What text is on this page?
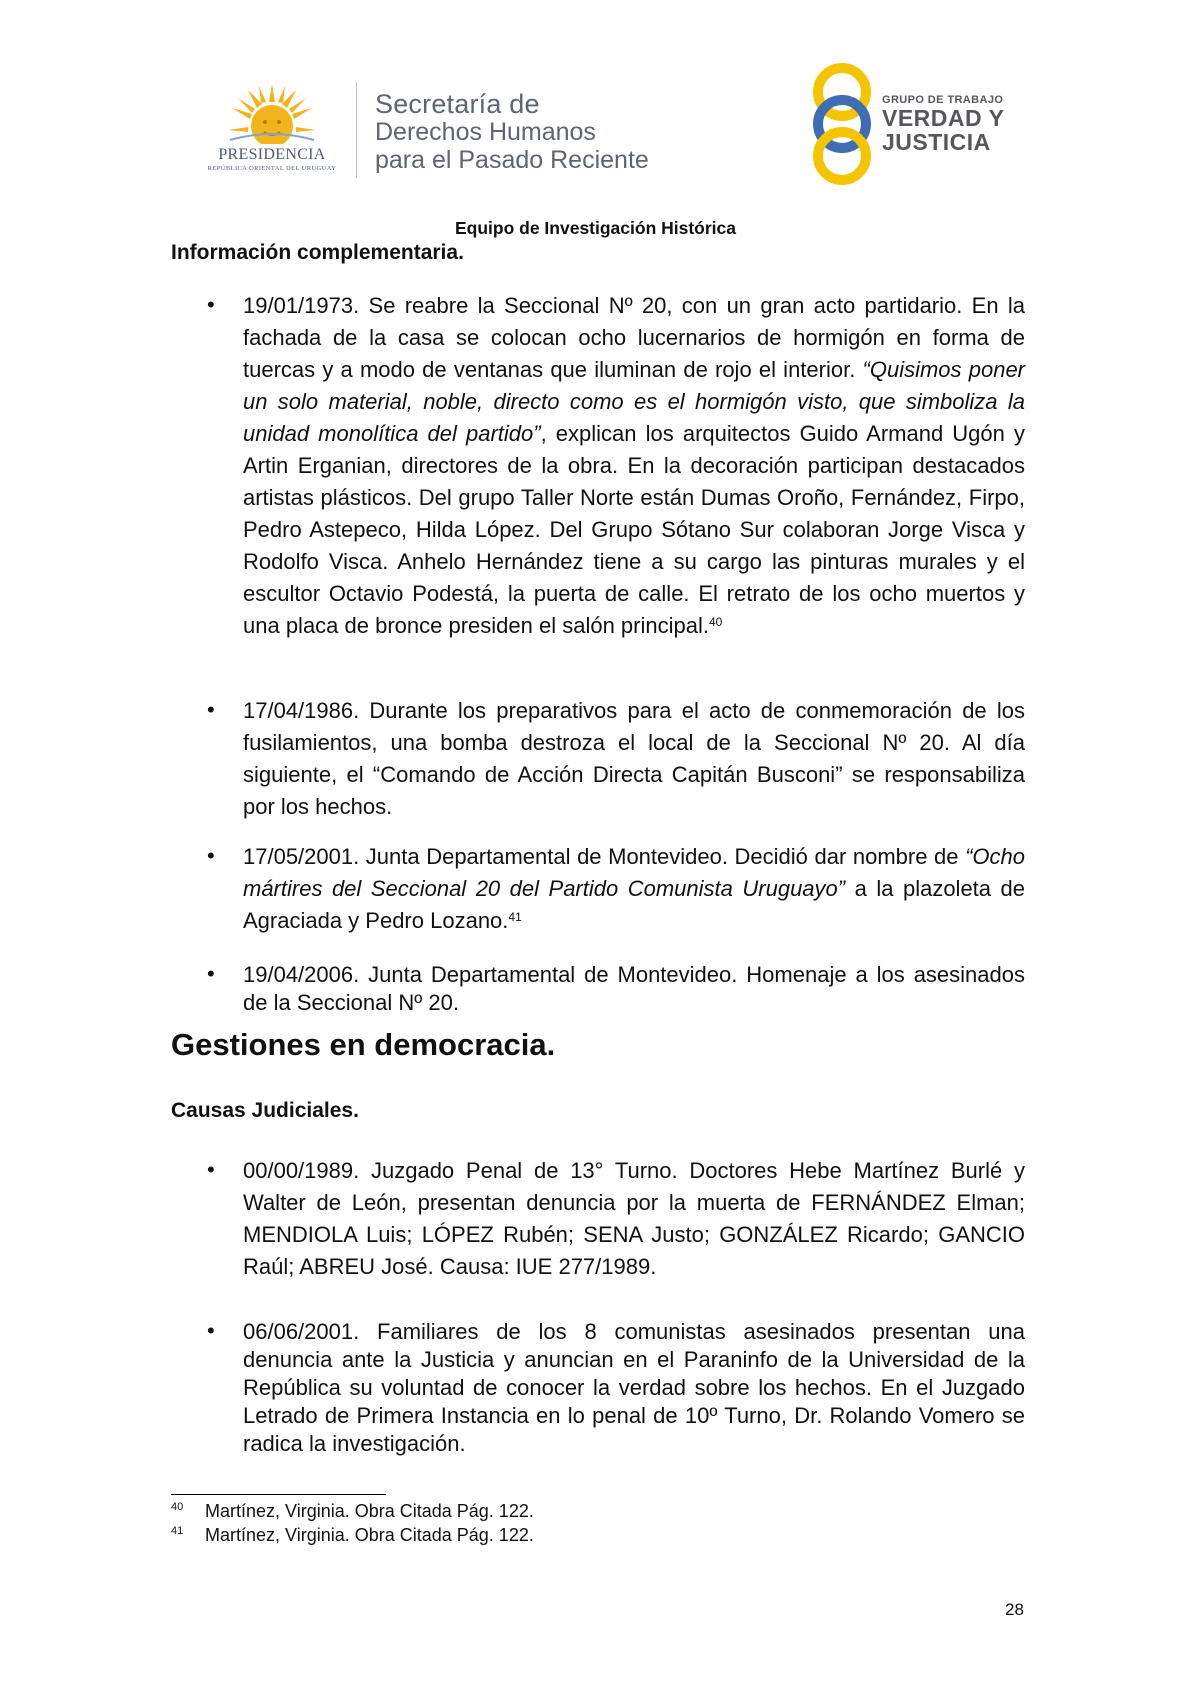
PRESIDENCIA
REPÚBLICA ORIENTAL DEL URUGUAY
Secretaría de
Derechos Humanos
para el Pasado Reciente
GRUPO DE TRABAJO
VERDAD Y
JUSTICIA
Equipo de Investigación Histórica
Información complementaria.
• 19/01/1973. Se reabre la Seccional Nº 20, con un gran acto partidario. En la fachada de la casa se colocan ocho lucernarios de hormigón en forma de tuercas y a modo de ventanas que iluminan de rojo el interior. “Quisimos poner un solo material, noble, directo como es el hormigón visto, que simboliza la unidad monolítica del partido”, explican los arquitectos Guido Armand Ugón y Artin Erganian, directores de la obra. En la decoración participan destacados artistas plásticos. Del grupo Taller Norte están Dumas Oroño, Fernández, Firpo, Pedro Astepeco, Hilda López. Del Grupo Sótano Sur colaboran Jorge Visca y Rodolfo Visca. Anhelo Hernández tiene a su cargo las pinturas murales y el escultor Octavio Podestá, la puerta de calle. El retrato de los ocho muertos y una placa de bronce presiden el salón principal.$^{40}$
• 17/04/1986. Durante los preparativos para el acto de conmemoración de los fusilamientos, una bomba destroza el local de la Seccional Nº 20. Al día siguiente, el “Comando de Acción Directa Capitán Busconi” se responsabiliza por los hechos.
• 17/05/2001. Junta Departamental de Montevideo. Decidió dar nombre de “Ocho mártires del Seccional 20 del Partido Comunista Uruguayo” a la plazoleta de Agraciada y Pedro Lozano.$^{41}$
• 19/04/2006. Junta Departamental de Montevideo. Homenaje a los asesinados de la Seccional Nº 20.
Gestiones en democracia.
Causas Judiciales.
• 00/00/1989. Juzgado Penal de 13° Turno. Doctores Hebe Martínez Burlé y Walter de León, presentan denuncia por la muerta de FERNÁNDEZ Elman; MENDIOLA Luis; LÓPEZ Rubén; SENA Justo; GONZÁLEZ Ricardo; GANCIO Raúl; ABREU José. Causa: IUE 277/1989.
• 06/06/2001. Familiares de los 8 comunistas asesinados presentan una denuncia ante la Justicia y anuncian en el Paraninfo de la Universidad de la República su voluntad de conocer la verdad sobre los hechos. En el Juzgado Letrado de Primera Instancia en lo penal de 10º Turno, Dr. Rolando Vomero se radica la investigación.
40 Martínez, Virginia. Obra Citada Pág. 122.
41 Martínez, Virginia. Obra Citada Pág. 122.
28
